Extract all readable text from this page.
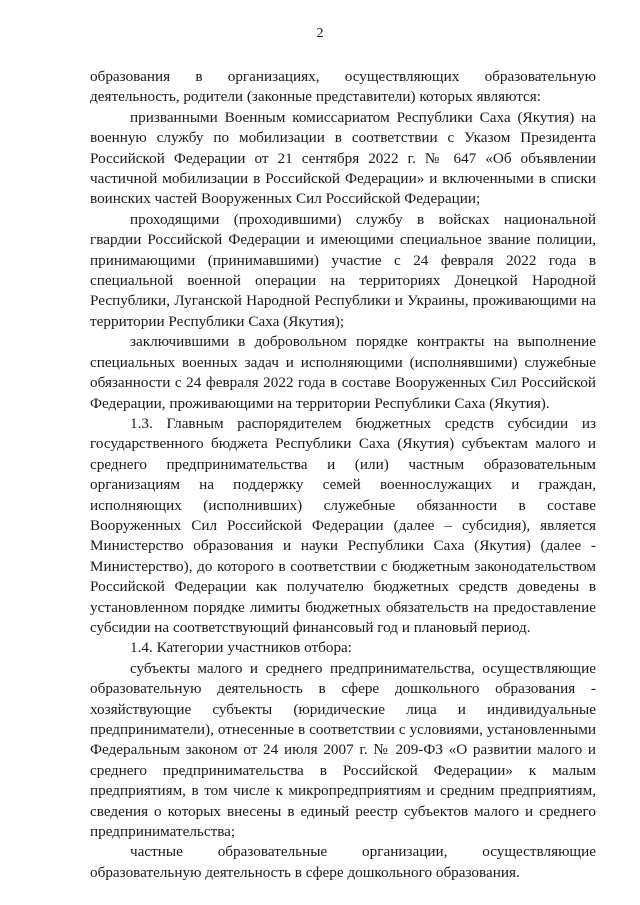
2

образования в организациях, осуществляющих образовательную деятельность, родители (законные представители) которых являются:

призванными Военным комиссариатом Республики Саха (Якутия) на военную службу по мобилизации в соответствии с Указом Президента Российской Федерации от 21 сентября 2022 г. № 647 «Об объявлении частичной мобилизации в Российской Федерации» и включенными в списки воинских частей Вооруженных Сил Российской Федерации;

проходящими (проходившими) службу в войсках национальной гвардии Российской Федерации и имеющими специальное звание полиции, принимающими (принимавшими) участие с 24 февраля 2022 года в специальной военной операции на территориях Донецкой Народной Республики, Луганской Народной Республики и Украины, проживающими на территории Республики Саха (Якутия);

заключившими в добровольном порядке контракты на выполнение специальных военных задач и исполняющими (исполнявшими) служебные обязанности с 24 февраля 2022 года в составе Вооруженных Сил Российской Федерации, проживающими на территории Республики Саха (Якутия).

1.3. Главным распорядителем бюджетных средств субсидии из государственного бюджета Республики Саха (Якутия) субъектам малого и среднего предпринимательства и (или) частным образовательным организациям на поддержку семей военнослужащих и граждан, исполняющих (исполнивших) служебные обязанности в составе Вооруженных Сил Российской Федерации (далее – субсидия), является Министерство образования и науки Республики Саха (Якутия) (далее - Министерство), до которого в соответствии с бюджетным законодательством Российской Федерации как получателю бюджетных средств доведены в установленном порядке лимиты бюджетных обязательств на предоставление субсидии на соответствующий финансовый год и плановый период.

1.4. Категории участников отбора:

субъекты малого и среднего предпринимательства, осуществляющие образовательную деятельность в сфере дошкольного образования - хозяйствующие субъекты (юридические лица и индивидуальные предприниматели), отнесенные в соответствии с условиями, установленными Федеральным законом от 24 июля 2007 г. № 209-ФЗ «О развитии малого и среднего предпринимательства в Российской Федерации» к малым предприятиям, в том числе к микропредприятиям и средним предприятиям, сведения о которых внесены в единый реестр субъектов малого и среднего предпринимательства;

частные образовательные организации, осуществляющие образовательную деятельность в сфере дошкольного образования.
